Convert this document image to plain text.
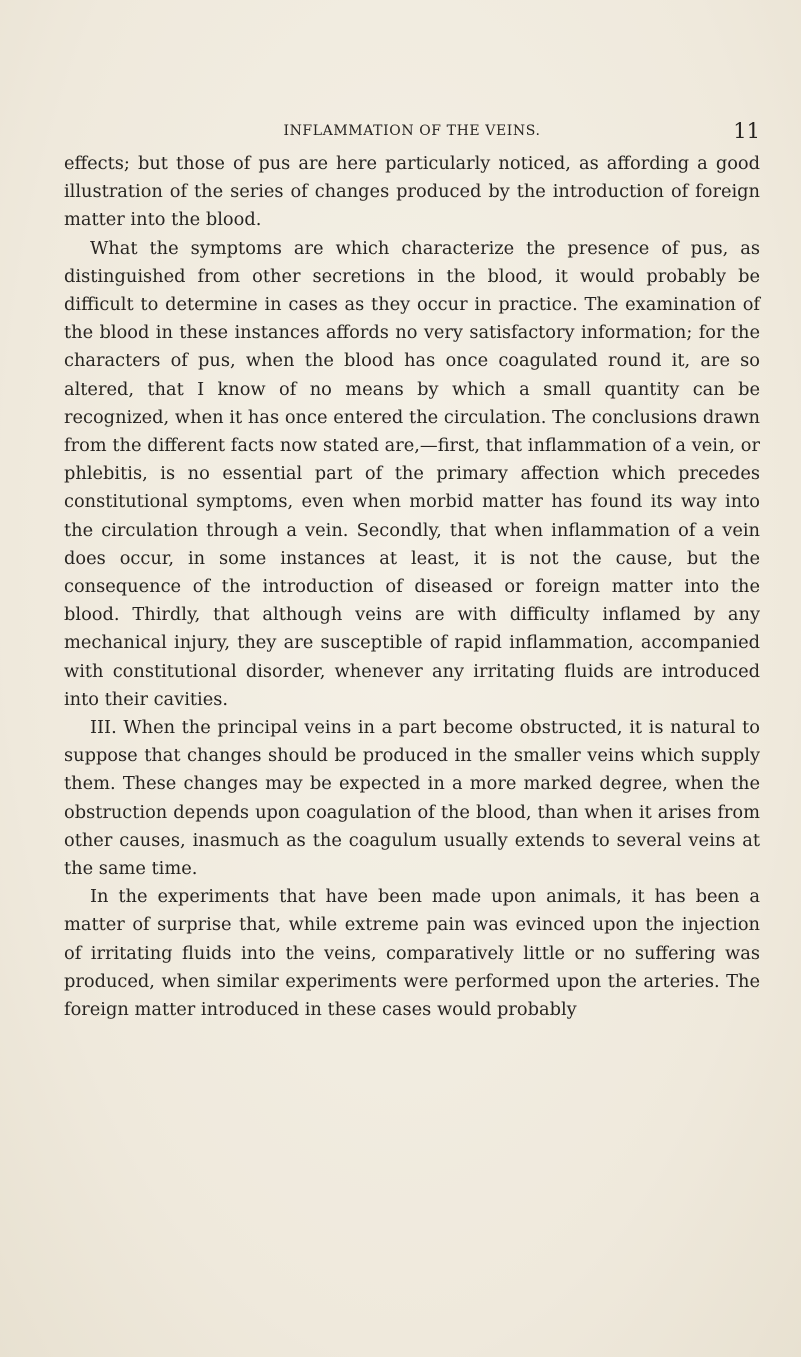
INFLAMMATION OF THE VEINS.	11

effects; but those of pus are here particularly noticed, as affording a good illustration of the series of changes produced by the introduction of foreign matter into the blood.

What the symptoms are which characterize the presence of pus, as distinguished from other secretions in the blood, it would probably be difficult to determine in cases as they occur in practice. The examination of the blood in these instances affords no very satisfactory information; for the characters of pus, when the blood has once coagulated round it, are so altered, that I know of no means by which a small quantity can be recognized, when it has once entered the circulation. The conclusions drawn from the different facts now stated are,—first, that inflammation of a vein, or phlebitis, is no essential part of the primary affection which precedes constitutional symptoms, even when morbid matter has found its way into the circulation through a vein. Secondly, that when inflammation of a vein does occur, in some instances at least, it is not the cause, but the consequence of the introduction of diseased or foreign matter into the blood. Thirdly, that although veins are with difficulty inflamed by any mechanical injury, they are susceptible of rapid inflammation, accompanied with constitutional disorder, whenever any irritating fluids are introduced into their cavities.

III. When the principal veins in a part become obstructed, it is natural to suppose that changes should be produced in the smaller veins which supply them. These changes may be expected in a more marked degree, when the obstruction depends upon coagulation of the blood, than when it arises from other causes, inasmuch as the coagulum usually extends to several veins at the same time.

In the experiments that have been made upon animals, it has been a matter of surprise that, while extreme pain was evinced upon the injection of irritating fluids into the veins, comparatively little or no suffering was produced, when similar experiments were performed upon the arteries. The foreign matter introduced in these cases would probably
